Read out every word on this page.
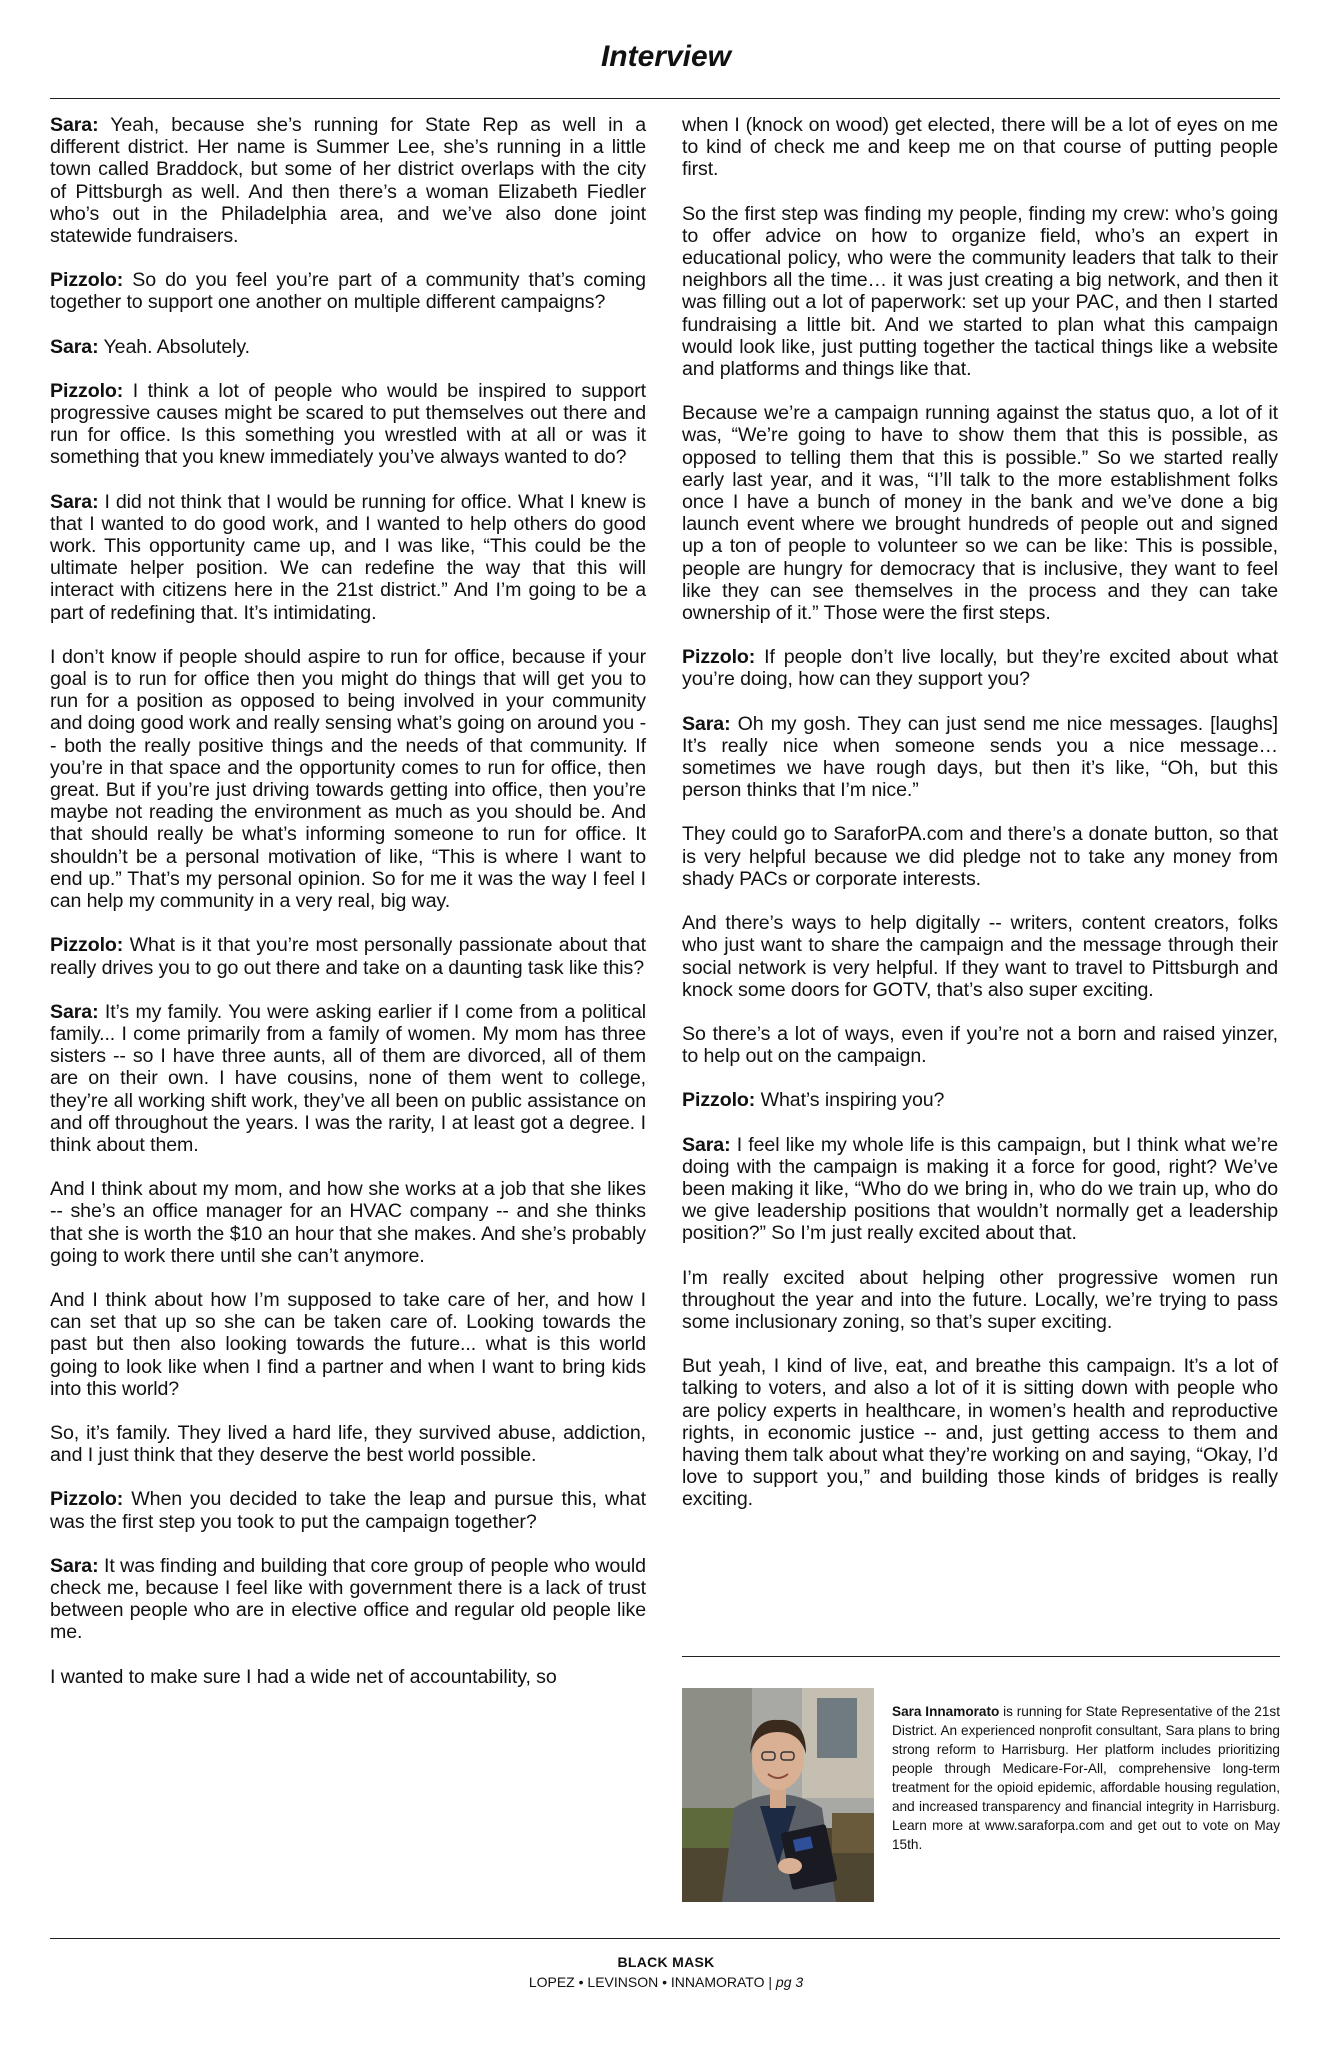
Interview

Sara: Yeah, because she’s running for State Rep as well in a different district. Her name is Summer Lee, she’s running in a little town called Braddock, but some of her district overlaps with the city of Pittsburgh as well. And then there’s a woman Elizabeth Fiedler who’s out in the Philadelphia area, and we’ve also done joint statewide fundraisers.

Pizzolo: So do you feel you’re part of a community that’s coming together to support one another on multiple different campaigns?

Sara: Yeah. Absolutely.

Pizzolo: I think a lot of people who would be inspired to support progressive causes might be scared to put themselves out there and run for office. Is this something you wrestled with at all or was it something that you knew immediately you’ve always wanted to do?

Sara: I did not think that I would be running for office. What I knew is that I wanted to do good work, and I wanted to help others do good work. This opportunity came up, and I was like, “This could be the ultimate helper position. We can redefine the way that this will interact with citizens here in the 21st district.” And I’m going to be a part of redefining that. It’s intimidating.

I don’t know if people should aspire to run for office, because if your goal is to run for office then you might do things that will get you to run for a position as opposed to being involved in your community and doing good work and really sensing what’s going on around you -- both the really positive things and the needs of that community. If you’re in that space and the opportunity comes to run for office, then great. But if you’re just driving towards getting into office, then you’re maybe not reading the environment as much as you should be. And that should really be what’s informing someone to run for office. It shouldn’t be a personal motivation of like, “This is where I want to end up.” That’s my personal opinion. So for me it was the way I feel I can help my community in a very real, big way.

Pizzolo: What is it that you’re most personally passionate about that really drives you to go out there and take on a daunting task like this?

Sara: It’s my family. You were asking earlier if I come from a political family... I come primarily from a family of women. My mom has three sisters -- so I have three aunts, all of them are divorced, all of them are on their own. I have cousins, none of them went to college, they’re all working shift work, they’ve all been on public assistance on and off throughout the years. I was the rarity, I at least got a degree. I think about them.

And I think about my mom, and how she works at a job that she likes -- she’s an office manager for an HVAC company -- and she thinks that she is worth the $10 an hour that she makes. And she’s probably going to work there until she can’t anymore.

And I think about how I’m supposed to take care of her, and how I can set that up so she can be taken care of. Looking towards the past but then also looking towards the future... what is this world going to look like when I find a partner and when I want to bring kids into this world?

So, it’s family. They lived a hard life, they survived abuse, addiction, and I just think that they deserve the best world possible.

Pizzolo: When you decided to take the leap and pursue this, what was the first step you took to put the campaign together?

Sara: It was finding and building that core group of people who would check me, because I feel like with government there is a lack of trust between people who are in elective office and regular old people like me.

I wanted to make sure I had a wide net of accountability, so

when I (knock on wood) get elected, there will be a lot of eyes on me to kind of check me and keep me on that course of putting people first.

So the first step was finding my people, finding my crew: who’s going to offer advice on how to organize field, who’s an expert in educational policy, who were the community leaders that talk to their neighbors all the time… it was just creating a big network, and then it was filling out a lot of paperwork: set up your PAC, and then I started fundraising a little bit. And we started to plan what this campaign would look like, just putting together the tactical things like a website and platforms and things like that.

Because we’re a campaign running against the status quo, a lot of it was, “We’re going to have to show them that this is possible, as opposed to telling them that this is possible.” So we started really early last year, and it was, “I’ll talk to the more establishment folks once I have a bunch of money in the bank and we’ve done a big launch event where we brought hundreds of people out and signed up a ton of people to volunteer so we can be like: This is possible, people are hungry for democracy that is inclusive, they want to feel like they can see themselves in the process and they can take ownership of it.” Those were the first steps.

Pizzolo: If people don’t live locally, but they’re excited about what you’re doing, how can they support you?

Sara: Oh my gosh. They can just send me nice messages. [laughs] It’s really nice when someone sends you a nice message… sometimes we have rough days, but then it’s like, “Oh, but this person thinks that I’m nice.”

They could go to SaraforPA.com and there’s a donate button, so that is very helpful because we did pledge not to take any money from shady PACs or corporate interests.

And there’s ways to help digitally -- writers, content creators, folks who just want to share the campaign and the message through their social network is very helpful. If they want to travel to Pittsburgh and knock some doors for GOTV, that’s also super exciting.

So there’s a lot of ways, even if you’re not a born and raised yinzer, to help out on the campaign.

Pizzolo: What’s inspiring you?

Sara: I feel like my whole life is this campaign, but I think what we’re doing with the campaign is making it a force for good, right? We’ve been making it like, “Who do we bring in, who do we train up, who do we give leadership positions that wouldn’t normally get a leadership position?” So I’m just really excited about that.

I’m really excited about helping other progressive women run throughout the year and into the future. Locally, we’re trying to pass some inclusionary zoning, so that’s super exciting.

But yeah, I kind of live, eat, and breathe this campaign. It’s a lot of talking to voters, and also a lot of it is sitting down with people who are policy experts in healthcare, in women’s health and reproductive rights, in economic justice -- and, just getting access to them and having them talk about what they’re working on and saying, “Okay, I’d love to support you,” and building those kinds of bridges is really exciting.

Sara Innamorato is running for State Representative of the 21st District. An experienced nonprofit consultant, Sara plans to bring strong reform to Harrisburg. Her platform includes prioritizing people through Medicare-For-All, comprehensive long-term treatment for the opioid epidemic, affordable housing regulation, and increased transparency and financial integrity in Harrisburg. Learn more at www.saraforpa.com and get out to vote on May 15th.
BLACK MASK
LOPEZ • LEVINSON • INNAMORATO | pg 3
